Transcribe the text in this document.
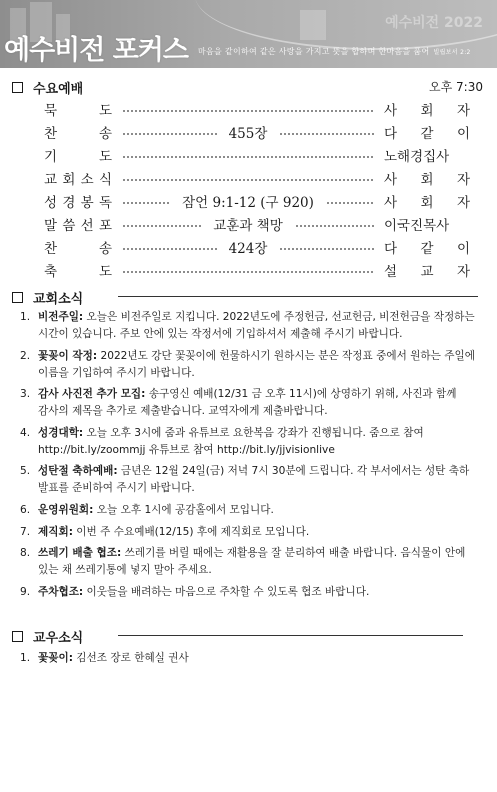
예수비전 2022
예수비전 포커스 마음을 같이하여 같은 사랑을 가지고 뜻을 합하며 한마음을 품어 빌립보서 2:2
수요예배	오후 7:30
묵	도	사 회 자
찬	송	455장	다 같 이
기	도	노해경집사
교 회 소 식	사 회 자
성 경 봉 독	잠언 9:1-12 (구 920)	사 회 자
말 씀 선 포	교훈과 책망	이국진목사
찬	송	424장	다 같 이
축	도	설 교 자
교회소식
1. 비전주일: 오늘은 비전주일로 지킵니다. 2022년도에 주정헌금, 선교헌금, 비전헌금을 작정하는 시간이 있습니다. 주보 안에 있는 작정서에 기입하셔서 제출해 주시기 바랍니다.
2. 꽃꽂이 작정: 2022년도 강단 꽃꽂이에 헌물하시기 원하시는 분은 작정표 중에서 원하는 주일에 이름을 기입하여 주시기 바랍니다.
3. 감사 사진전 추가 모집: 송구영신 예배(12/31 금 오후 11시)에 상영하기 위해, 사진과 함께 감사의 제목을 추가로 제출받습니다. 교역자에게 제출바랍니다.
4. 성경대학: 오늘 오후 3시에 줌과 유튜브로 요한복음 강좌가 진행됩니다. 줌으로 참여 http://bit.ly/zoommjj 유튜브로 참여 http://bit.ly/jjvisionlive
5. 성탄절 축하예배: 금년은 12월 24일(금) 저녁 7시 30분에 드립니다. 각 부서에서는 성탄 축하 발표를 준비하여 주시기 바랍니다.
6. 운영위원회: 오늘 오후 1시에 공감홀에서 모입니다.
7. 제직회: 이번 주 수요예배(12/15) 후에 제직회로 모입니다.
8. 쓰레기 배출 협조: 쓰레기를 버릴 때에는 재활용을 잘 분리하여 배출 바랍니다. 음식물이 안에 있는 채 쓰레기통에 넣지 말아 주세요.
9. 주차협조: 이웃들을 배려하는 마음으로 주차할 수 있도록 협조 바랍니다.
교우소식
1. 꽃꽂이: 김선조 장로 한혜실 권사
